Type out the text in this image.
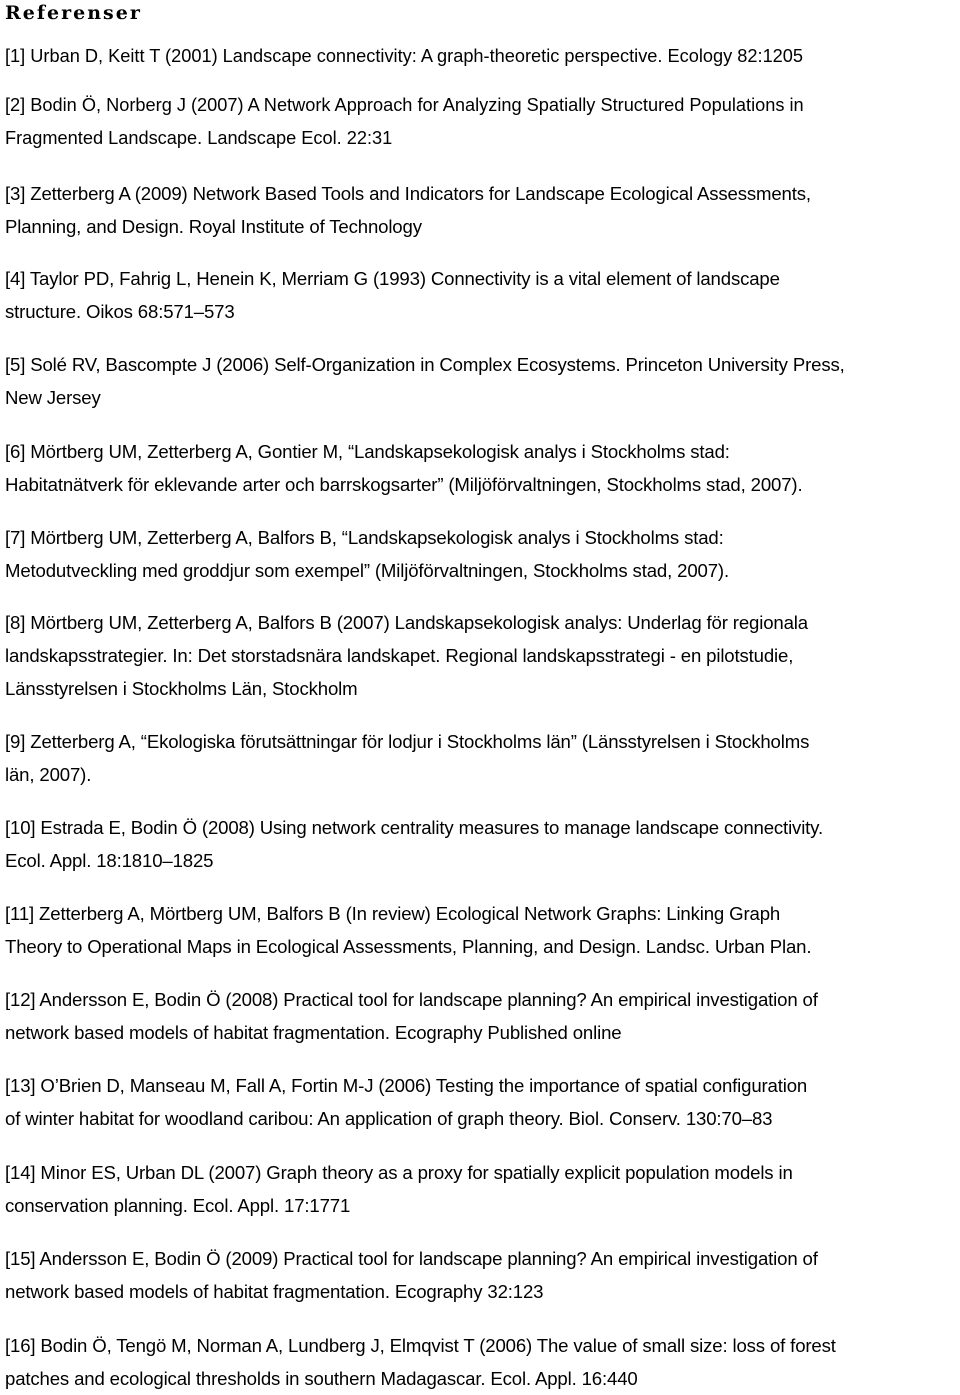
Referenser
[1] Urban D, Keitt T (2001) Landscape connectivity: A graph-theoretic perspective. Ecology 82:1205
[2] Bodin Ö, Norberg J (2007) A Network Approach for Analyzing Spatially Structured Populations in
Fragmented Landscape. Landscape Ecol. 22:31
[3] Zetterberg A (2009) Network Based Tools and Indicators for Landscape Ecological Assessments,
Planning, and Design. Royal Institute of Technology
[4] Taylor PD, Fahrig L, Henein K, Merriam G (1993) Connectivity is a vital element of landscape
structure. Oikos 68:571–573
[5] Solé RV, Bascompte J (2006) Self-Organization in Complex Ecosystems. Princeton University Press,
New Jersey
[6] Mörtberg UM, Zetterberg A, Gontier M, “Landskapsekologisk analys i Stockholms stad:
Habitatnätverk för eklevande arter och barrskogsarter” (Miljöförvaltningen, Stockholms stad, 2007).
[7] Mörtberg UM, Zetterberg A, Balfors B, “Landskapsekologisk analys i Stockholms stad:
Metodutveckling med groddjur som exempel” (Miljöförvaltningen, Stockholms stad, 2007).
[8] Mörtberg UM, Zetterberg A, Balfors B (2007) Landskapsekologisk analys: Underlag för regionala
landskapsstrategier. In: Det storstadsnära landskapet. Regional landskapsstrategi - en pilotstudie,
Länsstyrelsen i Stockholms Län, Stockholm
[9] Zetterberg A, “Ekologiska förutsättningar för lodjur i Stockholms län” (Länsstyrelsen i Stockholms
län, 2007).
[10] Estrada E, Bodin Ö (2008) Using network centrality measures to manage landscape connectivity.
Ecol. Appl. 18:1810–1825
[11] Zetterberg A, Mörtberg UM, Balfors B (In review) Ecological Network Graphs: Linking Graph
Theory to Operational Maps in Ecological Assessments, Planning, and Design. Landsc. Urban Plan.
[12] Andersson E, Bodin Ö (2008) Practical tool for landscape planning? An empirical investigation of
network based models of habitat fragmentation. Ecography Published online
[13] O’Brien D, Manseau M, Fall A, Fortin M-J (2006) Testing the importance of spatial configuration
of winter habitat for woodland caribou: An application of graph theory. Biol. Conserv. 130:70–83
[14] Minor ES, Urban DL (2007) Graph theory as a proxy for spatially explicit population models in
conservation planning. Ecol. Appl. 17:1771
[15] Andersson E, Bodin Ö (2009) Practical tool for landscape planning? An empirical investigation of
network based models of habitat fragmentation. Ecography 32:123
[16] Bodin Ö, Tengö M, Norman A, Lundberg J, Elmqvist T (2006) The value of small size: loss of forest
patches and ecological thresholds in southern Madagascar. Ecol. Appl. 16:440
